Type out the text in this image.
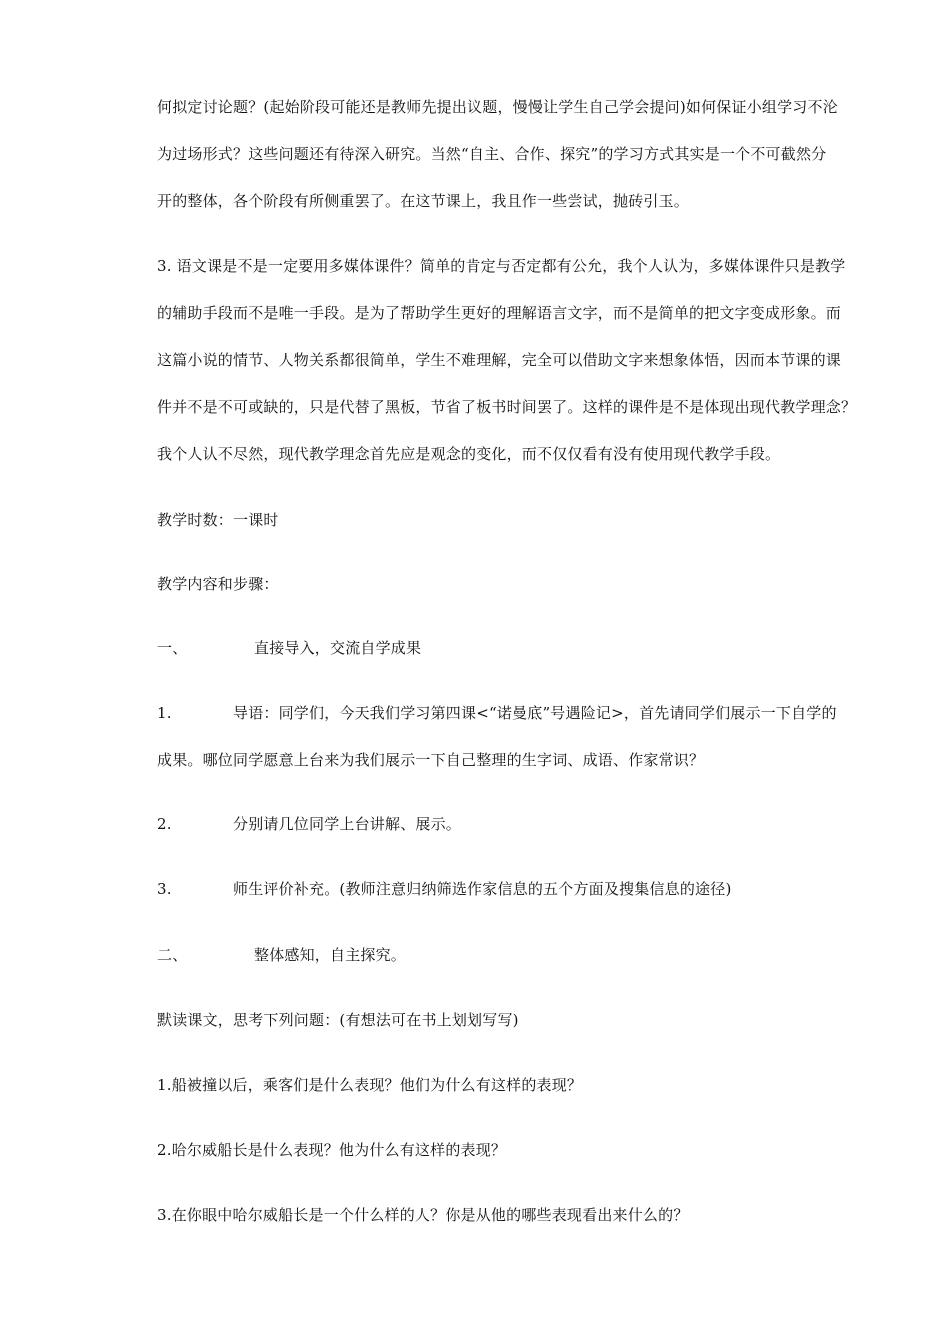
何拟定讨论题？(起始阶段可能还是教师先提出议题，慢慢让学生自己学会提问)如何保证小组学习不沦
为过场形式？这些问题还有待深入研究。当然“自主、合作、探究”的学习方式其实是一个不可截然分
开的整体，各个阶段有所侧重罢了。在这节课上，我且作一些尝试，抛砖引玉。

3. 语文课是不是一定要用多媒体课件？简单的肯定与否定都有公允，我个人认为，多媒体课件只是教学
的辅助手段而不是唯一手段。是为了帮助学生更好的理解语言文字，而不是简单的把文字变成形象。而
这篇小说的情节、人物关系都很简单，学生不难理解，完全可以借助文字来想象体悟，因而本节课的课
件并不是不可或缺的，只是代替了黑板，节省了板书时间罢了。这样的课件是不是体现出现代教学理念？
我个人认不尽然，现代教学理念首先应是观念的变化，而不仅仅看有没有使用现代教学手段。

教学时数：一课时

教学内容和步骤：

一、	直接导入，交流自学成果

1.	导语：同学们，今天我们学习第四课<“诺曼底”号遇险记>，首先请同学们展示一下自学的
成果。哪位同学愿意上台来为我们展示一下自己整理的生字词、成语、作家常识？

2.	分别请几位同学上台讲解、展示。

3.	师生评价补充。(教师注意归纳筛选作家信息的五个方面及搜集信息的途径)

二、	整体感知，自主探究。

默读课文，思考下列问题：(有想法可在书上划划写写)

1.船被撞以后，乘客们是什么表现？他们为什么有这样的表现？

2.哈尔威船长是什么表现？他为什么有这样的表现？

3.在你眼中哈尔威船长是一个什么样的人？你是从他的哪些表现看出来什么的？
